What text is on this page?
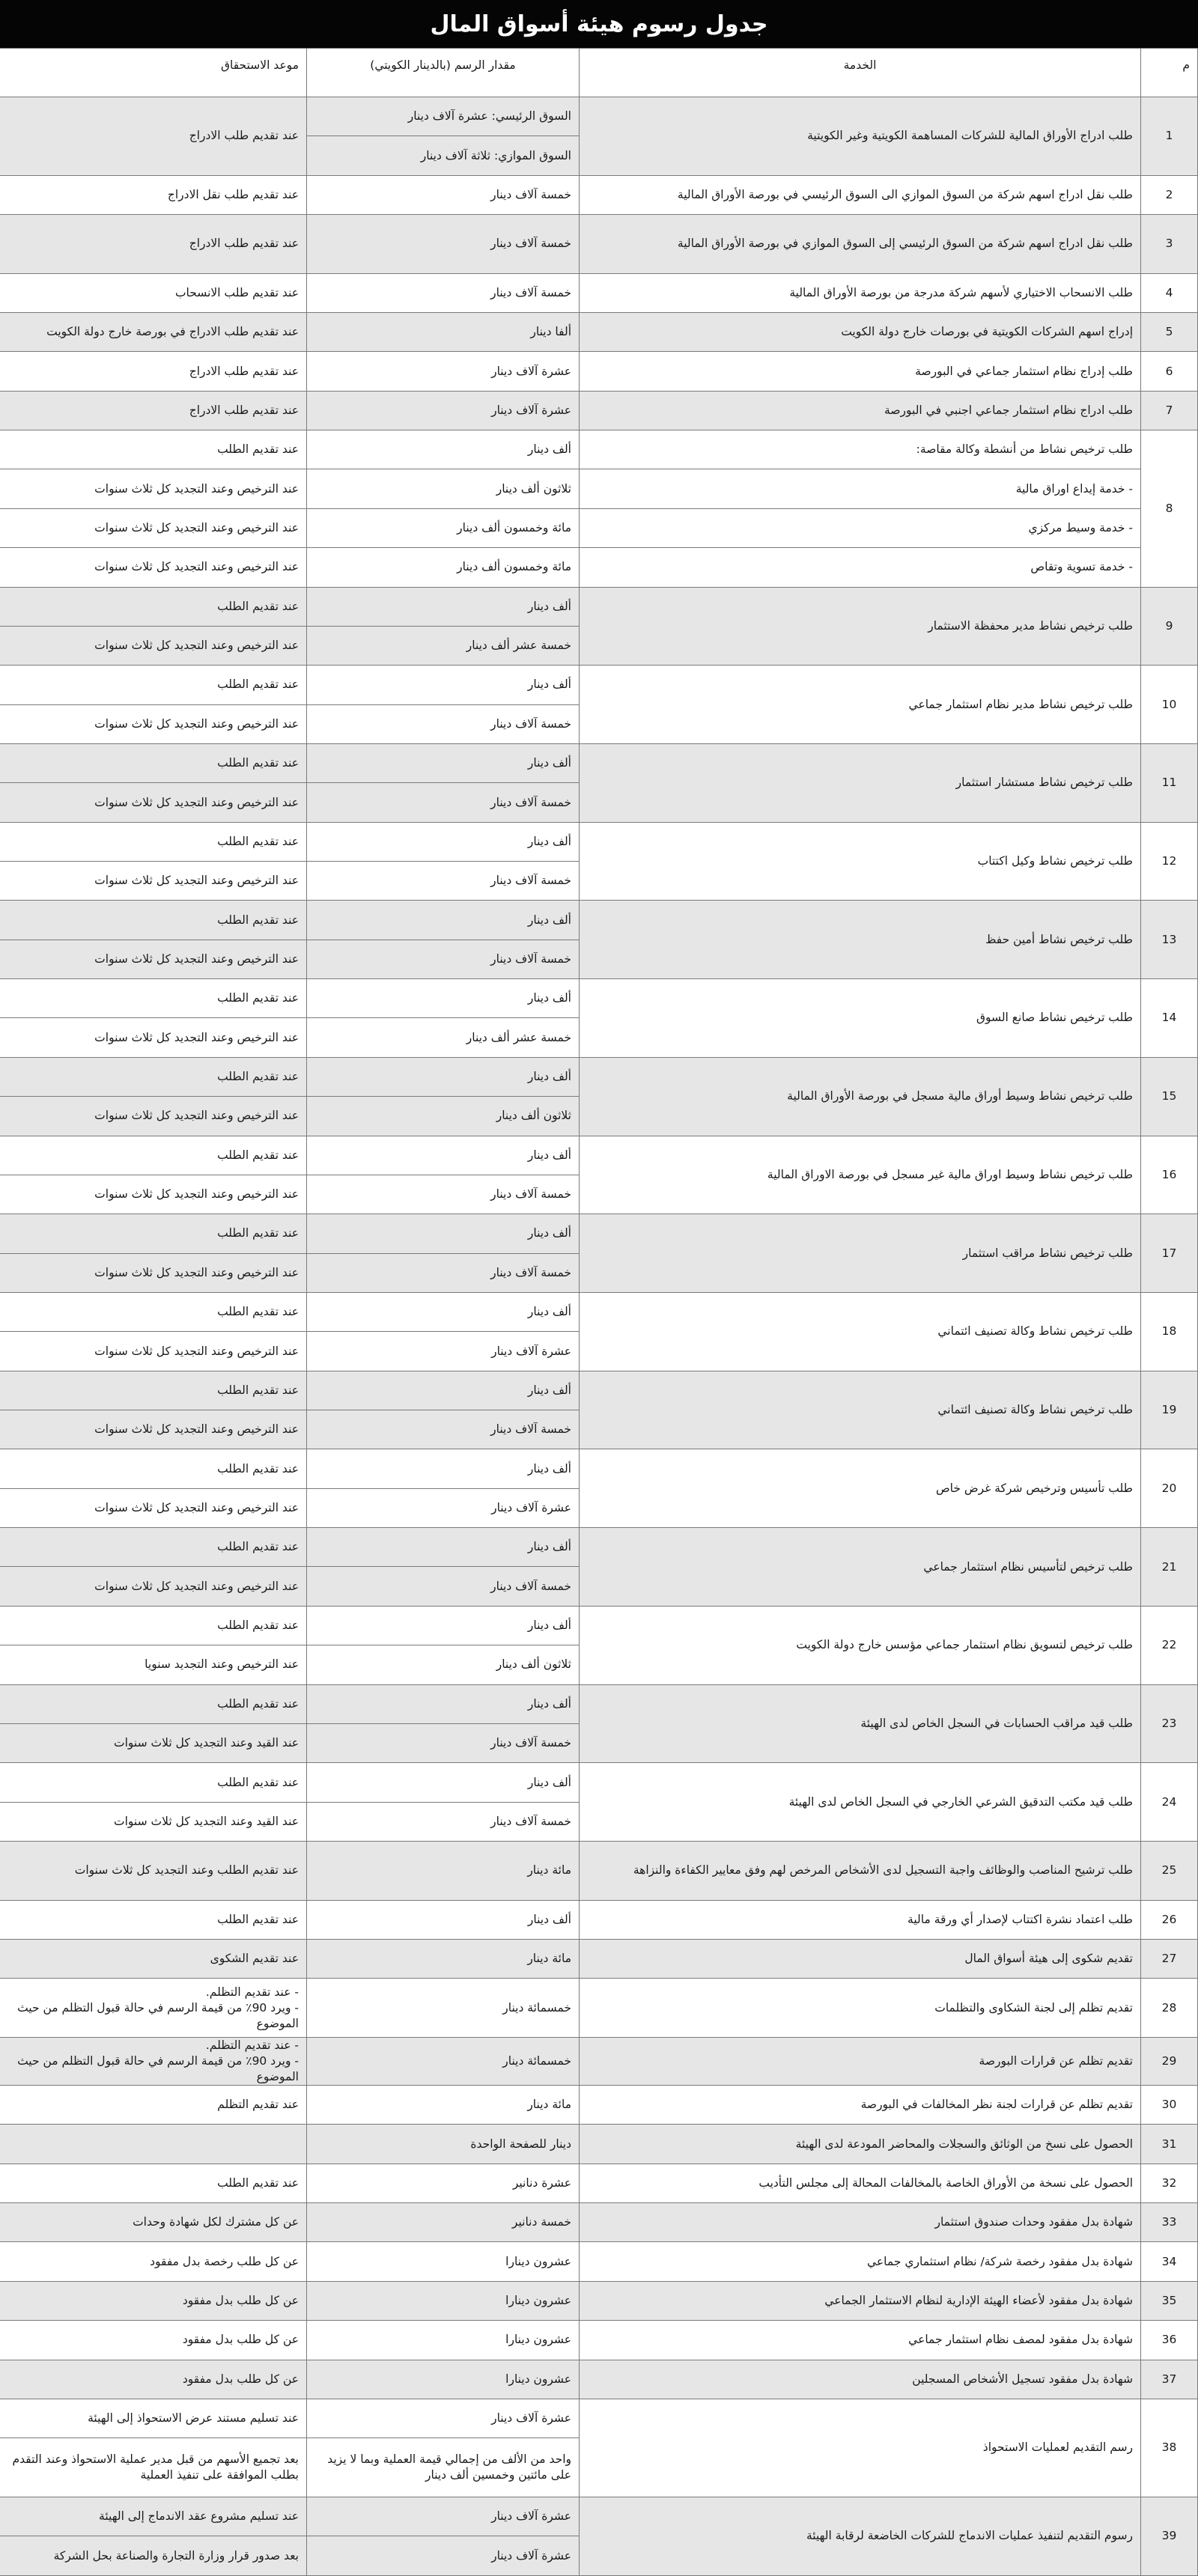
جدول رسوم هيئة أسواق المال
م	الخدمة	مقدار الرسم (بالدينار الكويتي)	موعد الاستحقاق
1	طلب ادراج الأوراق المالية للشركات المساهمة الكويتية وغير الكويتية	السوق الرئيسي: عشرة آلاف دينار	عند تقديم طلب الادراج
		السوق الموازي: ثلاثة آلاف دينار	
2	طلب نقل ادراج اسهم شركة من السوق الموازي الى السوق الرئيسي في بورصة الأوراق المالية	خمسة آلاف دينار	عند تقديم طلب نقل الادراج
3	طلب نقل ادراج اسهم شركة من السوق الرئيسي إلى السوق الموازي في بورصة الأوراق المالية	خمسة آلاف دينار	عند تقديم طلب الادراج
4	طلب الانسحاب الاختياري لأسهم شركة مدرجة من بورصة الأوراق المالية	خمسة آلاف دينار	عند تقديم طلب الانسحاب
5	إدراج اسهم الشركات الكويتية في بورصات خارج دولة الكويت	ألفا دينار	عند تقديم طلب الادراج في بورصة خارج دولة الكويت
6	طلب إدراج نظام استثمار جماعي في البورصة	عشرة آلاف دينار	عند تقديم طلب الادراج
7	طلب ادراج نظام استثمار جماعي اجنبي في البورصة	عشرة آلاف دينار	عند تقديم طلب الادراج
8	طلب ترخيص نشاط من أنشطة وكالة مقاصة:	ألف دينار	عند تقديم الطلب
	- خدمة إيداع اوراق مالية	ثلاثون ألف دينار	عند الترخيص وعند التجديد كل ثلاث سنوات
	- خدمة وسيط مركزي	مائة وخمسون ألف دينار	عند الترخيص وعند التجديد كل ثلاث سنوات
	- خدمة تسوية وتقاص	مائة وخمسون ألف دينار	عند الترخيص وعند التجديد كل ثلاث سنوات
9	طلب ترخيص نشاط مدير محفظة الاستثمار	ألف دينار	عند تقديم الطلب
		خمسة عشر ألف دينار	عند الترخيص وعند التجديد كل ثلاث سنوات
10	طلب ترخيص نشاط مدير نظام استثمار جماعي	ألف دينار	عند تقديم الطلب
		خمسة آلاف دينار	عند الترخيص وعند التجديد كل ثلاث سنوات
11	طلب ترخيص نشاط مستشار استثمار	ألف دينار	عند تقديم الطلب
		خمسة آلاف دينار	عند الترخيص وعند التجديد كل ثلاث سنوات
12	طلب ترخيص نشاط وكيل اكتتاب	ألف دينار	عند تقديم الطلب
		خمسة آلاف دينار	عند الترخيص وعند التجديد كل ثلاث سنوات
13	طلب ترخيص نشاط أمين حفظ	ألف دينار	عند تقديم الطلب
		خمسة آلاف دينار	عند الترخيص وعند التجديد كل ثلاث سنوات
14	طلب ترخيص نشاط صانع السوق	ألف دينار	عند تقديم الطلب
		خمسة عشر ألف دينار	عند الترخيص وعند التجديد كل ثلاث سنوات
15	طلب ترخيص نشاط وسيط أوراق مالية مسجل في بورصة الأوراق المالية	ألف دينار	عند تقديم الطلب
		ثلاثون ألف دينار	عند الترخيص وعند التجديد كل ثلاث سنوات
16	طلب ترخيص نشاط وسيط اوراق مالية غير مسجل في بورصة الاوراق المالية	ألف دينار	عند تقديم الطلب
		خمسة آلاف دينار	عند الترخيص وعند التجديد كل ثلاث سنوات
17	طلب ترخيص نشاط مراقب استثمار	ألف دينار	عند تقديم الطلب
		خمسة آلاف دينار	عند الترخيص وعند التجديد كل ثلاث سنوات
18	طلب ترخيص نشاط وكالة تصنيف ائتماني	ألف دينار	عند تقديم الطلب
		عشرة آلاف دينار	عند الترخيص وعند التجديد كل ثلاث سنوات
19	طلب ترخيص نشاط وكالة تصنيف ائتماني	ألف دينار	عند تقديم الطلب
		خمسة آلاف دينار	عند الترخيص وعند التجديد كل ثلاث سنوات
20	طلب تأسيس وترخيص شركة غرض خاص	ألف دينار	عند تقديم الطلب
		عشرة آلاف دينار	عند الترخيص وعند التجديد كل ثلاث سنوات
21	طلب ترخيص لتأسيس نظام استثمار جماعي	ألف دينار	عند تقديم الطلب
		خمسة آلاف دينار	عند الترخيص وعند التجديد كل ثلاث سنوات
22	طلب ترخيص لتسويق نظام استثمار جماعي مؤسس خارج دولة الكويت	ألف دينار	عند تقديم الطلب
		ثلاثون ألف دينار	عند الترخيص وعند التجديد سنويا
23	طلب قيد مراقب الحسابات في السجل الخاص لدى الهيئة	ألف دينار	عند تقديم الطلب
		خمسة آلاف دينار	عند القيد وعند التجديد كل ثلاث سنوات
24	طلب قيد مكتب التدقيق الشرعي الخارجي في السجل الخاص لدى الهيئة	ألف دينار	عند تقديم الطلب
		خمسة آلاف دينار	عند القيد وعند التجديد كل ثلاث سنوات
25	طلب ترشيح المناصب والوظائف واجبة التسجيل لدى الأشخاص المرخص لهم وفق معايير الكفاءة والنزاهة	مائة دينار	عند تقديم الطلب وعند التجديد كل ثلاث سنوات
26	طلب اعتماد نشرة اكتتاب لإصدار أي ورقة مالية	ألف دينار	عند تقديم الطلب
27	تقديم شكوى إلى هيئة أسواق المال	مائة دينار	عند تقديم الشكوى
28	تقديم تظلم إلى لجنة الشكاوى والتظلمات	خمسمائة دينار	- عند تقديم التظلم.
- ويرد 90٪ من قيمة الرسم في حالة قبول التظلم من حيث الموضوع

29	تقديم تظلم عن قرارات البورصة	خمسمائة دينار	- عند تقديم التظلم.
- ويرد 90٪ من قيمة الرسم في حالة قبول التظلم من حيث الموضوع

30	تقديم تظلم عن قرارات لجنة نظر المخالفات في البورصة	مائة دينار	عند تقديم التظلم
31	الحصول على نسخ من الوثائق والسجلات والمحاضر المودعة لدى الهيئة	دينار للصفحة الواحدة	
32	الحصول على نسخة من الأوراق الخاصة بالمخالفات المحالة إلى مجلس التأديب	عشرة دنانير	عند تقديم الطلب
33	شهادة بدل مفقود وحدات صندوق استثمار	خمسة دنانير	عن كل مشترك لكل شهادة وحدات
34	شهادة بدل مفقود رخصة شركة/ نظام استثماري جماعي	عشرون دينارا	عن كل طلب رخصة بدل مفقود
35	شهادة بدل مفقود لأعضاء الهيئة الإدارية لنظام الاستثمار الجماعي	عشرون دينارا	عن كل طلب بدل مفقود
36	شهادة بدل مفقود لمصف نظام استثمار جماعي	عشرون دينارا	عن كل طلب بدل مفقود
37	شهادة بدل مفقود تسجيل الأشخاص المسجلين	عشرون دينارا	عن كل طلب بدل مفقود
38	رسم التقديم لعمليات الاستحواذ	عشرة آلاف دينار	عند تسليم مستند عرض الاستحواذ إلى الهيئة
		واحد من الألف من إجمالي قيمة العملية وبما لا يزيد على مائتين وخمسين ألف دينار	بعد تجميع الأسهم من قبل مدير عملية الاستحواذ وعند التقدم بطلب الموافقة على تنفيذ العملية
39	رسوم التقديم لتنفيذ عمليات الاندماج للشركات الخاضعة لرقابة الهيئة	عشرة آلاف دينار	عند تسليم مشروع عقد الاندماج إلى الهيئة
		عشرة آلاف دينار	بعد صدور قرار وزارة التجارة والصناعة بحل الشركة
